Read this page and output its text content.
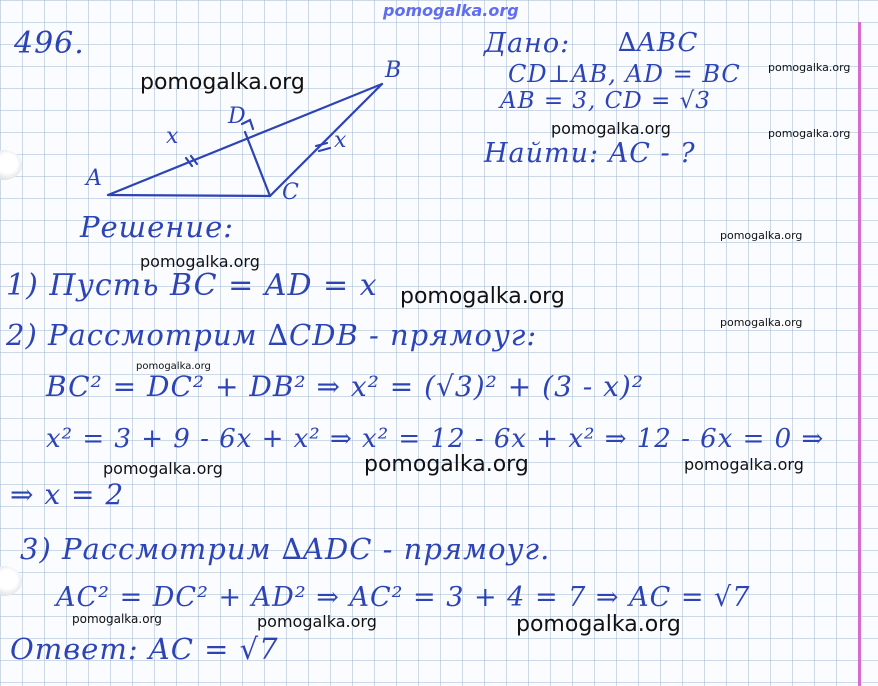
A
B
C
D
x	x
496.	Дано: ∆ABC
CD⊥AB, AD = BC
AB = 3, CD = √3
Найти: AC - ?
Решение:
1) Пусть BC = AD = x
2) Рассмотрим ∆CDB - прямоуг:
BC² = DC² + DB² ⇒ x² = (√3)² + (3 - x)²
x² = 3 + 9 - 6x + x² ⇒ x² = 12 - 6x + x² ⇒ 12 - 6x = 0 ⇒
⇒ x = 2
3) Рассмотрим ∆ADC - прямоуг.
AC² = DC² + AD² ⇒ AC² = 3 + 4 = 7 ⇒ AC = √7
Ответ: AC = √7
pomogalka.org
pomogalka.org
pomogalka.org
pomogalka.org	pomogalka.org
pomogalka.org
pomogalka.org
pomogalka.org
pomogalka.org
pomogalka.org
pomogalka.org	pomogalka.org	pomogalka.org
pomogalka.org	pomogalka.org	pomogalka.org
